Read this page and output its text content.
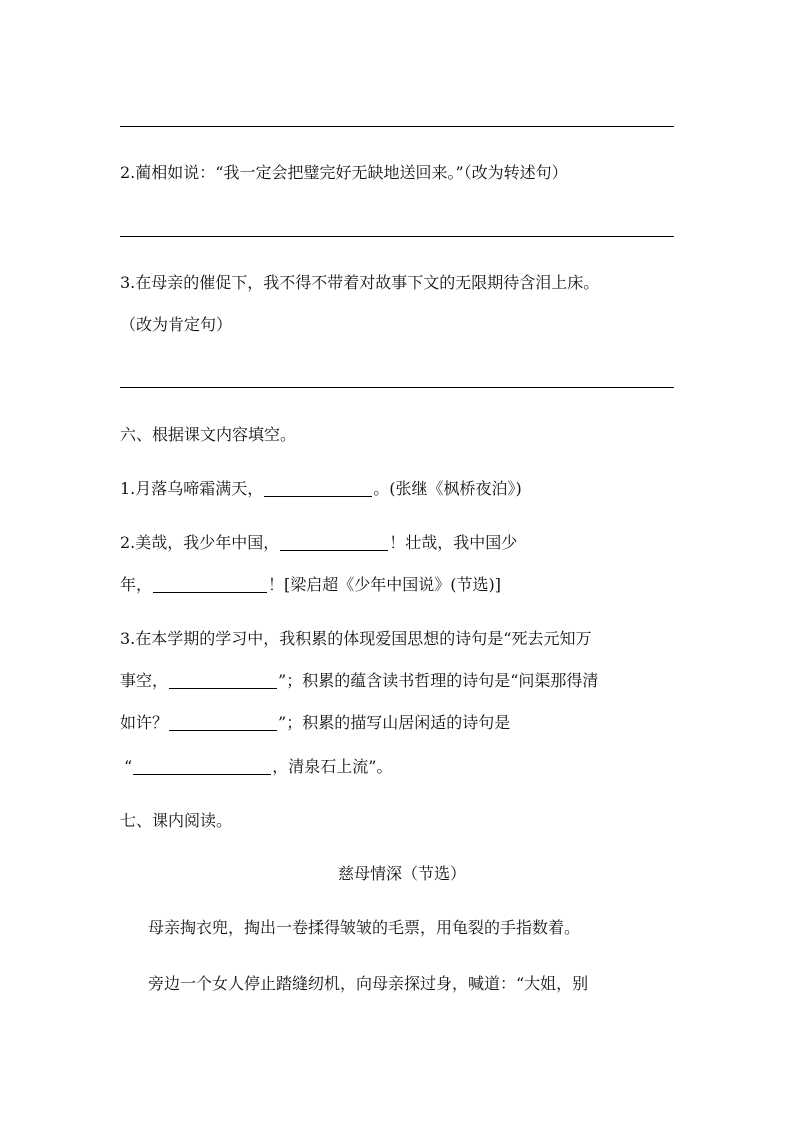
2.蔺相如说：“我一定会把璧完好无缺地送回来。”（改为转述句）

3.在母亲的催促下，我不得不带着对故事下文的无限期待含泪上床。

（改为肯定句）

六、根据课文内容填空。

1.月落乌啼霜满天，	。(张继《枫桥夜泊》)

2.美哉，我少年中国，	！壮哉，我中国少

年，	！[梁启超《少年中国说》(节选)]

3.在本学期的学习中，我积累的体现爱国思想的诗句是“死去元知万

事空，	”；积累的蕴含读书哲理的诗句是“问渠那得清

如许？	”；积累的描写山居闲适的诗句是

“	，清泉石上流”。

七、课内阅读。

慈母情深（节选）

母亲掏衣兜，掏出一卷揉得皱皱的毛票，用龟裂的手指数着。

旁边一个女人停止踏缝纫机，向母亲探过身，喊道：“大姐，别
